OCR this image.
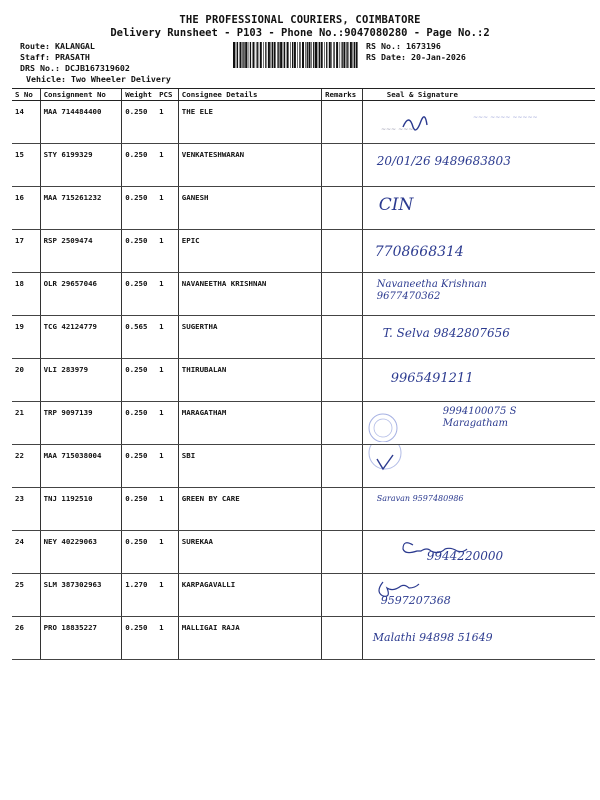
THE PROFESSIONAL COURIERS, COIMBATORE
Delivery Runsheet - P103 - Phone No.:9047080280 - Page No.:2
Route: KALANGAL
Staff: PRASATH
DRS No.: DCJB167319602
Vehicle: Two Wheeler Delivery
RS No.: 1673196
RS Date: 20-Jan-2026
S No	Consignment No	Weight	PCS	Consignee Details	Remarks	Seal & Signature
14	MAA 714484400	0.250	1	THE ELE		~~~ ~~~~ ~~~~~
~~~ ~~~

15	STY 6199329	0.250	1	VENKATESHWARAN		20/01/26 9489683803

16	MAA 715261232	0.250	1	GANESH		CIN

17	RSP 2509474	0.250	1	EPIC		7708668314

18	OLR 29657046	0.250	1	NAVANEETHA KRISHNAN		Navaneetha Krishnan 9677470362

19	TCG 42124779	0.565	1	SUGERTHA		T. Selva 9842807656

20	VLI 283979	0.250	1	THIRUBALAN		9965491211

21	TRP 9097139	0.250	1	MARAGATHAM		9994100075 S Maragatham

22	MAA 715038004	0.250	1	SBI		

23	TNJ 1192510	0.250	1	GREEN BY CARE		Saravan 9597480986

24	NEY 40229063	0.250	1	SUREKAA		9944220000

25	SLM 387302963	1.270	1	KARPAGAVALLI		9597207368

26	PRO 18835227	0.250	1	MALLIGAI RAJA		Malathi 94898 51649
